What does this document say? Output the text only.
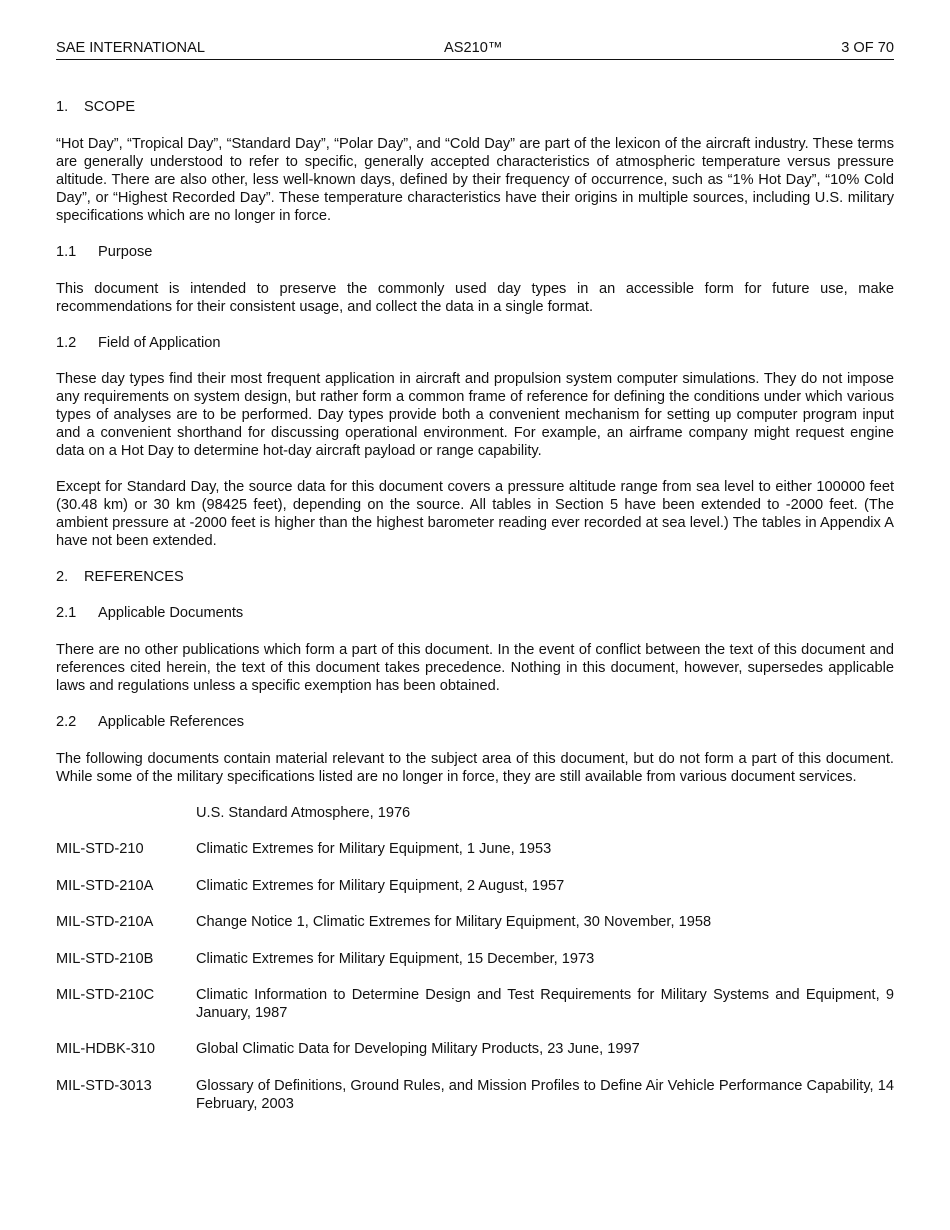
SAE INTERNATIONAL	AS210™	3 OF 70
1. SCOPE

“Hot Day”, “Tropical Day”, “Standard Day”, “Polar Day”, and “Cold Day” are part of the lexicon of the aircraft industry. These terms are generally understood to refer to specific, generally accepted characteristics of atmospheric temperature versus pressure altitude. There are also other, less well-known days, defined by their frequency of occurrence, such as “1% Hot Day”, “10% Cold Day”, or “Highest Recorded Day”. These temperature characteristics have their origins in multiple sources, including U.S. military specifications which are no longer in force.

1.1 Purpose

This document is intended to preserve the commonly used day types in an accessible form for future use, make recommendations for their consistent usage, and collect the data in a single format.

1.2 Field of Application

These day types find their most frequent application in aircraft and propulsion system computer simulations. They do not impose any requirements on system design, but rather form a common frame of reference for defining the conditions under which various types of analyses are to be performed. Day types provide both a convenient mechanism for setting up computer program input and a convenient shorthand for discussing operational environment. For example, an airframe company might request engine data on a Hot Day to determine hot-day aircraft payload or range capability.

Except for Standard Day, the source data for this document covers a pressure altitude range from sea level to either 100000 feet (30.48 km) or 30 km (98425 feet), depending on the source. All tables in Section 5 have been extended to -2000 feet. (The ambient pressure at -2000 feet is higher than the highest barometer reading ever recorded at sea level.) The tables in Appendix A have not been extended.

2. REFERENCES
2.1 Applicable Documents

There are no other publications which form a part of this document. In the event of conflict between the text of this document and references cited herein, the text of this document takes precedence. Nothing in this document, however, supersedes applicable laws and regulations unless a specific exemption has been obtained.

2.2 Applicable References

The following documents contain material relevant to the subject area of this document, but do not form a part of this document. While some of the military specifications listed are no longer in force, they are still available from various document services.

U.S. Standard Atmosphere, 1976
MIL-STD-210	Climatic Extremes for Military Equipment, 1 June, 1953
MIL-STD-210A	Climatic Extremes for Military Equipment, 2 August, 1957
MIL-STD-210A	Change Notice 1, Climatic Extremes for Military Equipment, 30 November, 1958
MIL-STD-210B	Climatic Extremes for Military Equipment, 15 December, 1973
MIL-STD-210C	Climatic Information to Determine Design and Test Requirements for Military Systems and Equipment, 9 January, 1987
MIL-HDBK-310	Global Climatic Data for Developing Military Products, 23 June, 1997
MIL-STD-3013	Glossary of Definitions, Ground Rules, and Mission Profiles to Define Air Vehicle Performance Capability, 14 February, 2003
